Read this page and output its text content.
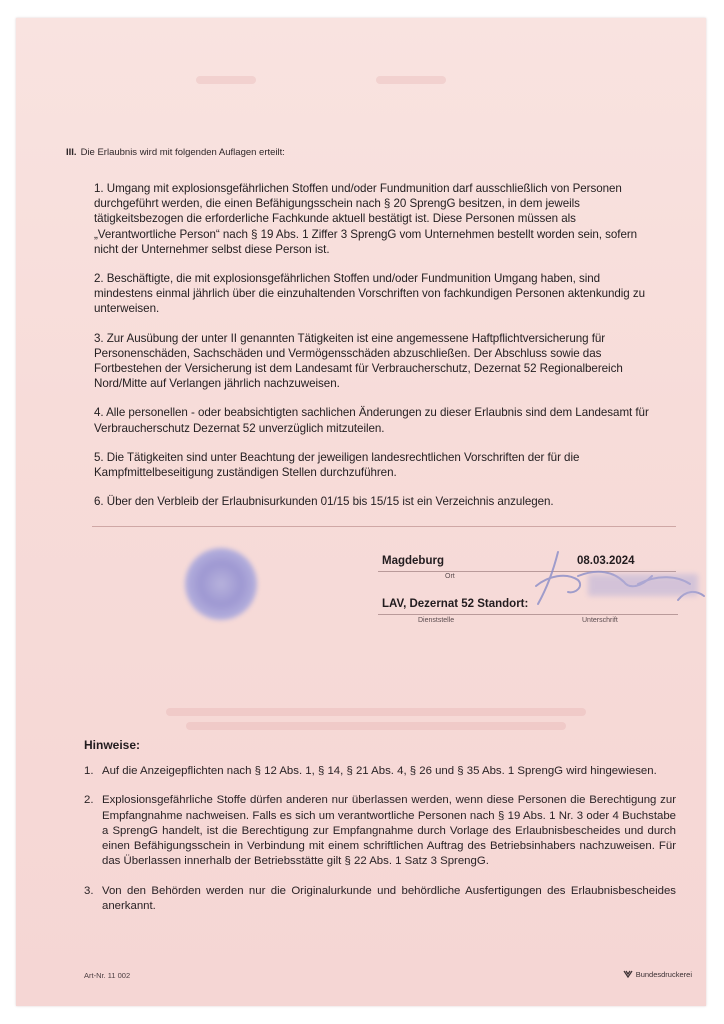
III. Die Erlaubnis wird mit folgenden Auflagen erteilt:

1. Umgang mit explosionsgefährlichen Stoffen und/oder Fundmunition darf ausschließlich von Personen durchgeführt werden, die einen Befähigungsschein nach § 20 SprengG besitzen, in dem jeweils tätigkeitsbezogen die erforderliche Fachkunde aktuell bestätigt ist. Diese Personen müssen als „Verantwortliche Person“ nach § 19 Abs. 1 Ziffer 3 SprengG vom Unternehmen bestellt worden sein, sofern nicht der Unternehmer selbst diese Person ist.

2. Beschäftigte, die mit explosionsgefährlichen Stoffen und/oder Fundmunition Umgang haben, sind mindestens einmal jährlich über die einzuhaltenden Vorschriften von fachkundigen Personen aktenkundig zu unterweisen.

3. Zur Ausübung der unter II genannten Tätigkeiten ist eine angemessene Haftpflichtversicherung für Personenschäden, Sachschäden und Vermögensschäden abzuschließen. Der Abschluss sowie das Fortbestehen der Versicherung ist dem Landesamt für Verbraucherschutz, Dezernat 52 Regionalbereich Nord/Mitte auf Verlangen jährlich nachzuweisen.

4. Alle personellen - oder beabsichtigten sachlichen Änderungen zu dieser Erlaubnis sind dem Landesamt für Verbraucherschutz Dezernat 52 unverzüglich mitzuteilen.

5. Die Tätigkeiten sind unter Beachtung der jeweiligen landesrechtlichen Vorschriften der für die Kampfmittelbeseitigung zuständigen Stellen durchzuführen.

6. Über den Verbleib der Erlaubnisurkunden 01/15 bis 15/15 ist ein Verzeichnis anzulegen.

Magdeburg	08.03.2024
Ort
LAV, Dezernat 52 Standort:
Dienststelle	Unterschrift
Hinweise:
1. Auf die Anzeigepflichten nach § 12 Abs. 1, § 14, § 21 Abs. 4, § 26 und § 35 Abs. 1 SprengG wird hingewiesen.
2. Explosionsgefährliche Stoffe dürfen anderen nur überlassen werden, wenn diese Personen die Berechtigung zur Empfangnahme nachweisen. Falls es sich um verantwortliche Personen nach § 19 Abs. 1 Nr. 3 oder 4 Buchstabe a SprengG handelt, ist die Berechtigung zur Empfangnahme durch Vorlage des Erlaubnisbescheides und durch einen Befähigungsschein in Verbindung mit einem schriftlichen Auftrag des Betriebsinhabers nachzuweisen. Für das Überlassen innerhalb der Betriebsstätte gilt § 22 Abs. 1 Satz 3 SprengG.
3. Von den Behörden werden nur die Originalurkunde und behördliche Ausfertigungen des Erlaubnisbescheides anerkannt.
Art-Nr. 11 002	Bundesdruckerei
